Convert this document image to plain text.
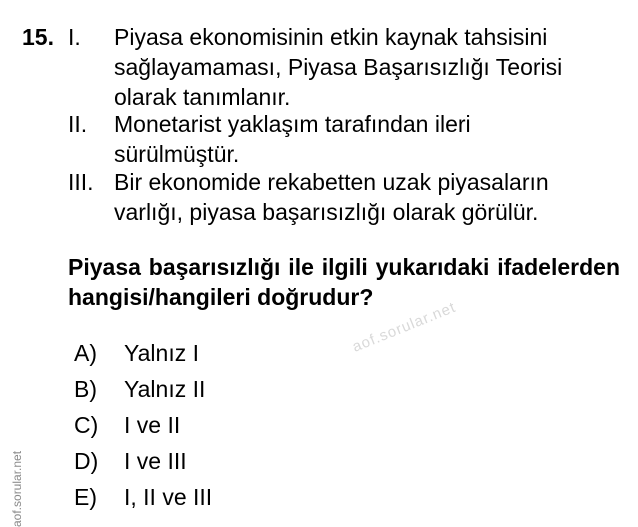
15. I.	Piyasa ekonomisinin etkin kaynak tahsisini
sağlayamaması, Piyasa Başarısızlığı Teorisi
olarak tanımlanır.
II.	Monetarist yaklaşım tarafından ileri
sürülmüştür.
III. Bir ekonomide rekabetten uzak piyasaların
varlığı, piyasa başarısızlığı olarak görülür.
Piyasa başarısızlığı ile ilgili yukarıdaki ifadelerden hangisi/hangileri doğrudur?
A)	Yalnız I
B)	Yalnız II
C)	I ve II
D)	I ve III
E)	I, II ve III
aof.sorular.net
aof.sorular.net
